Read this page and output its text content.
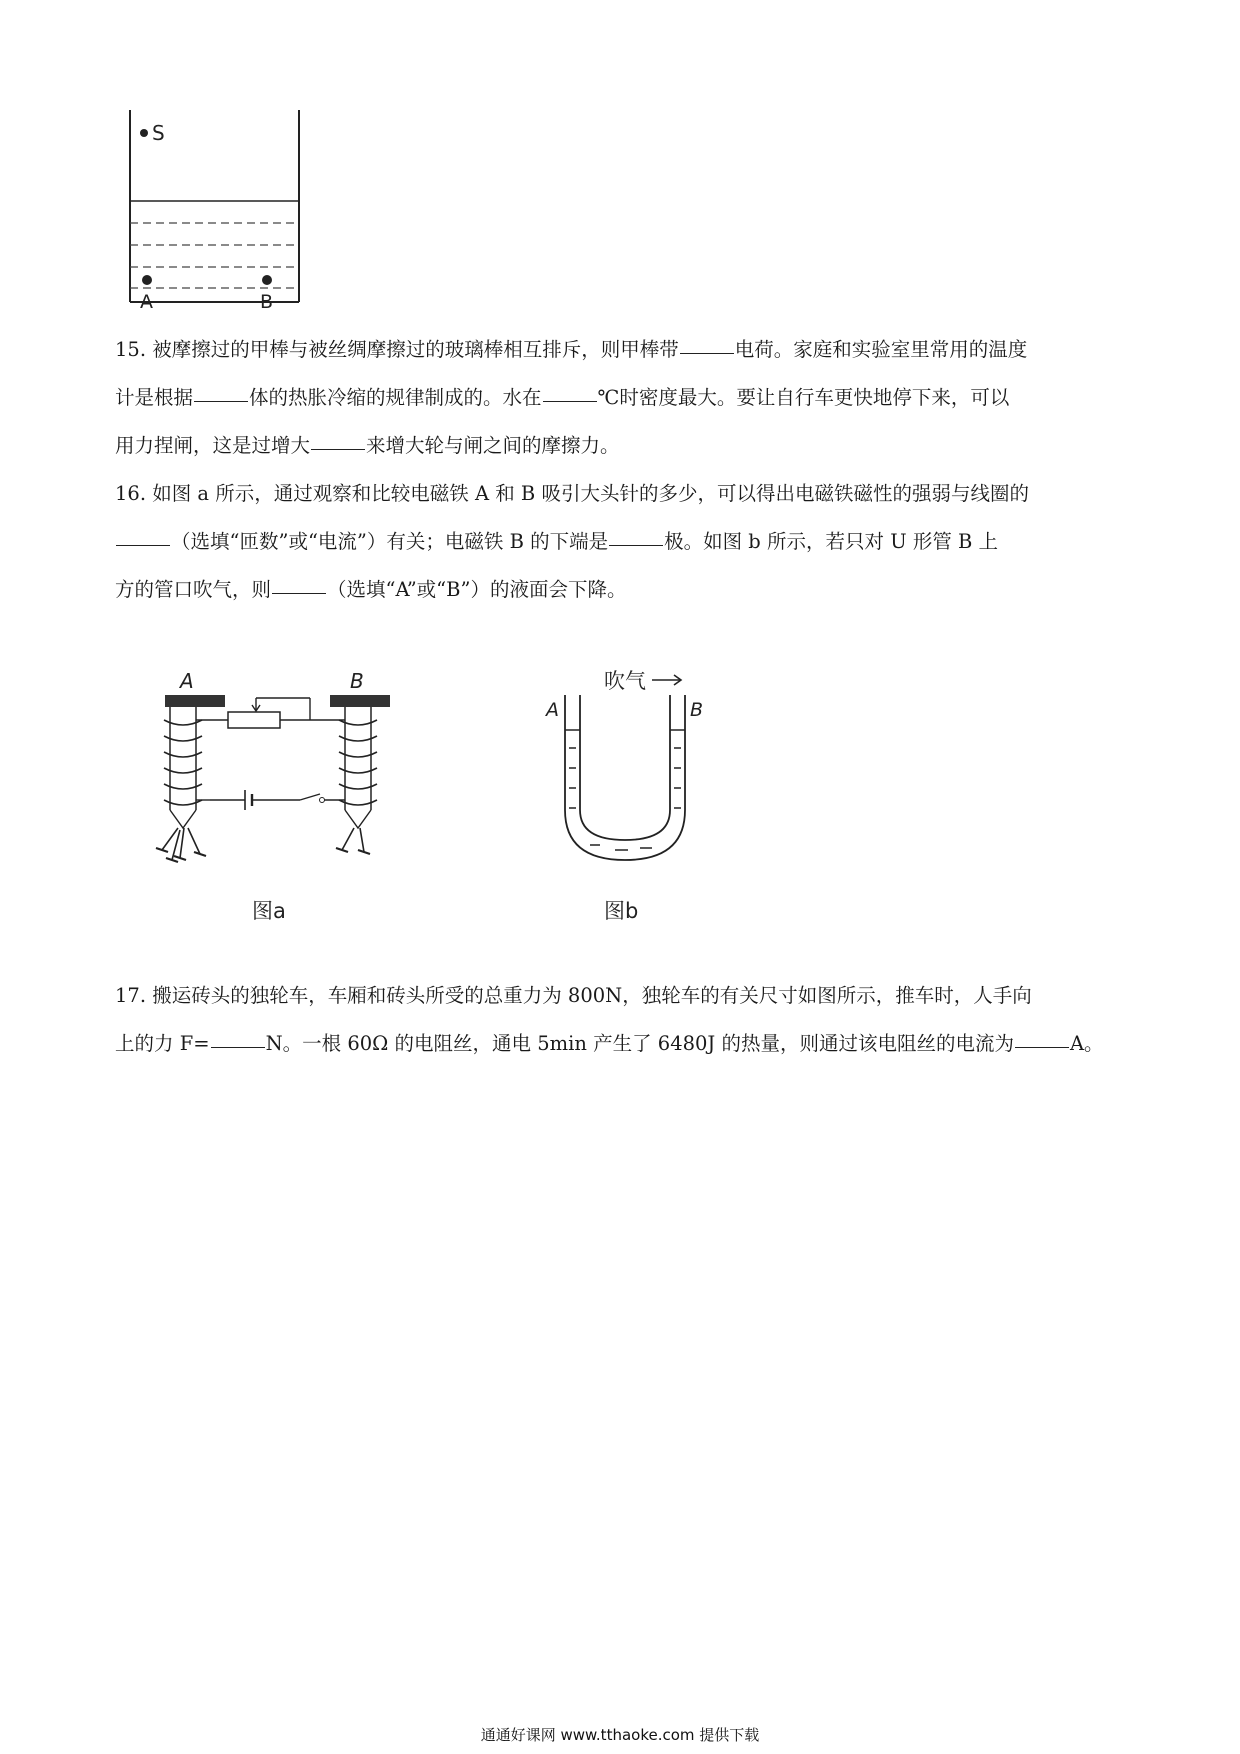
S
A	B

15. 被摩擦过的甲棒与被丝绸摩擦过的玻璃棒相互排斥，则甲棒带	电荷。家庭和实验室里常用的温度

计是根据	体的热胀冷缩的规律制成的。水在	℃时密度最大。要让自行车更快地停下来，可以

用力捏闸，这是过增大	来增大轮与闸之间的摩擦力。

16. 如图 a 所示，通过观察和比较电磁铁 A 和 B 吸引大头针的多少，可以得出电磁铁磁性的强弱与线圈的

（选填“匝数”或“电流”）有关；电磁铁 B 的下端是	极。如图 b 所示，若只对 U 形管 B 上

方的管口吹气，则	（选填“A”或“B”）的液面会下降。

A	B
图a
吹气
A	B
图b

17. 搬运砖头的独轮车，车厢和砖头所受的总重力为 800N，独轮车的有关尺寸如图所示，推车时，人手向

上的力 F=	N。一根 60Ω 的电阻丝，通电 5min 产生了 6480J 的热量，则通过该电阻丝的电流为	A。

通通好课网 www.tthaoke.com 提供下载
